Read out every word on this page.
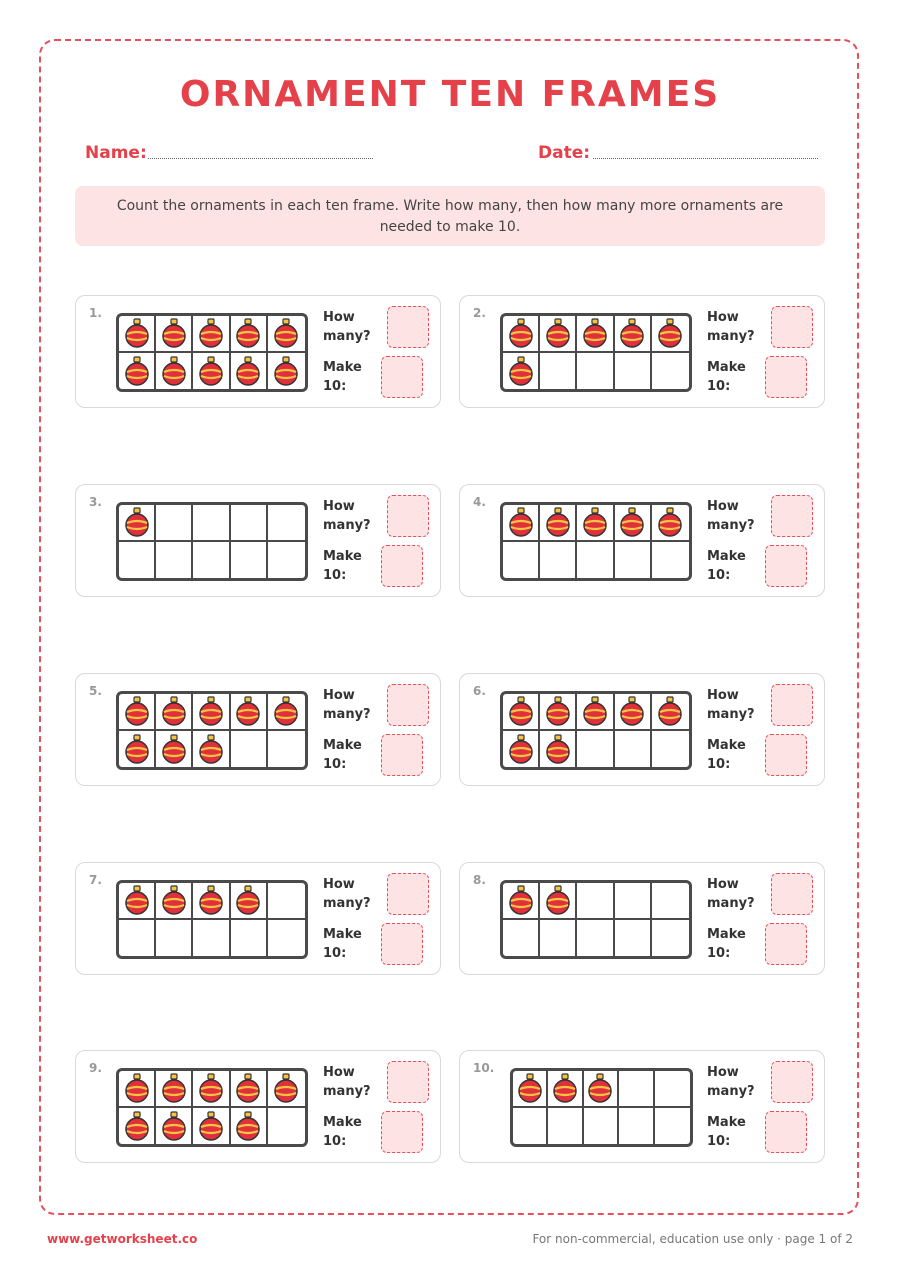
ORNAMENT TEN FRAMES
Name:	Date:
Count the ornaments in each ten frame. Write how many, then how many more ornaments are needed to make 10.
1.	How
many?
Make
10:
2.	How
many?
Make
10:
3.	How
many?
Make
10:
4.	How
many?
Make
10:
5.	How
many?
Make
10:
6.	How
many?
Make
10:
7.	How
many?
Make
10:
8.	How
many?
Make
10:
9.	How
many?
Make
10:
10.	How
many?
Make
10:
www.getworksheet.co	For non-commercial, education use only · page 1 of 2
